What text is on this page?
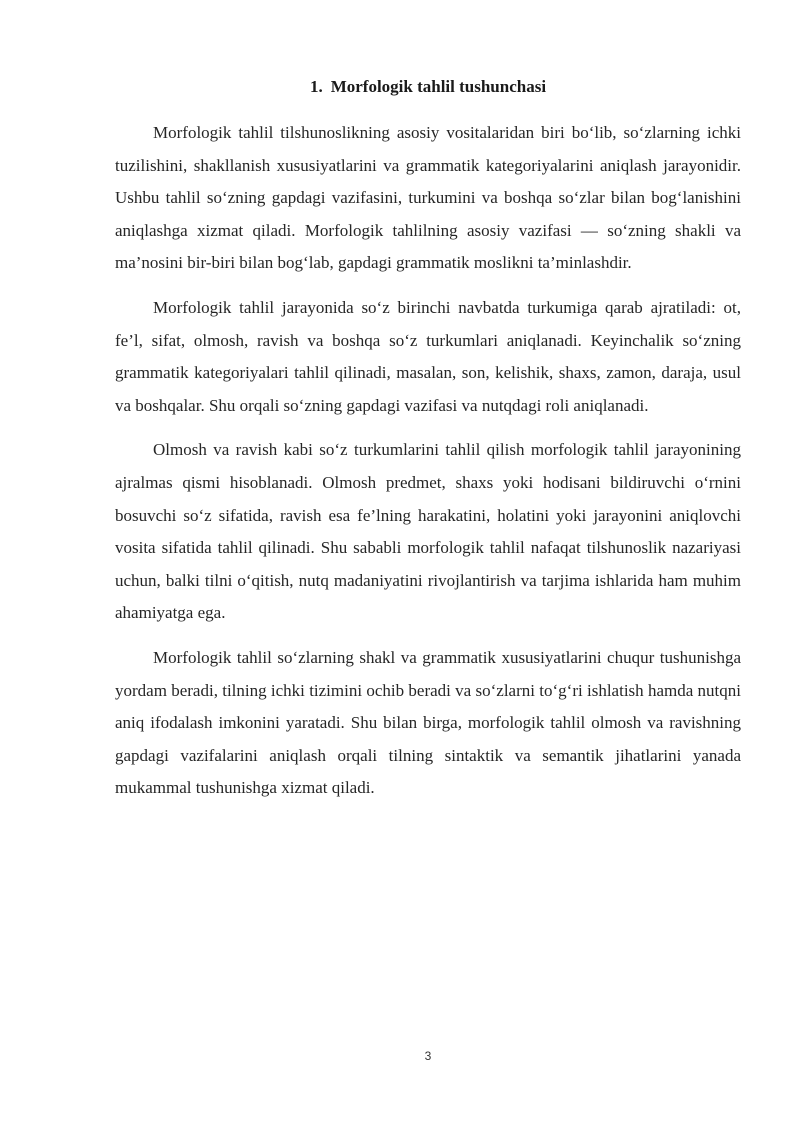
1. Morfologik tahlil tushunchasi

Morfologik tahlil tilshunoslikning asosiy vositalaridan biri bo‘lib, so‘zlarning ichki tuzilishini, shakllanish xususiyatlarini va grammatik kategoriyalarini aniqlash jarayonidir. Ushbu tahlil so‘zning gapdagi vazifasini, turkumini va boshqa so‘zlar bilan bog‘lanishini aniqlashga xizmat qiladi. Morfologik tahlilning asosiy vazifasi — so‘zning shakli va ma’nosini bir-biri bilan bog‘lab, gapdagi grammatik moslikni ta’minlashdir.

Morfologik tahlil jarayonida so‘z birinchi navbatda turkumiga qarab ajratiladi: ot, fe’l, sifat, olmosh, ravish va boshqa so‘z turkumlari aniqlanadi. Keyinchalik so‘zning grammatik kategoriyalari tahlil qilinadi, masalan, son, kelishik, shaxs, zamon, daraja, usul va boshqalar. Shu orqali so‘zning gapdagi vazifasi va nutqdagi roli aniqlanadi.

Olmosh va ravish kabi so‘z turkumlarini tahlil qilish morfologik tahlil jarayonining ajralmas qismi hisoblanadi. Olmosh predmet, shaxs yoki hodisani bildiruvchi o‘rnini bosuvchi so‘z sifatida, ravish esa fe’lning harakatini, holatini yoki jarayonini aniqlovchi vosita sifatida tahlil qilinadi. Shu sababli morfologik tahlil nafaqat tilshunoslik nazariyasi uchun, balki tilni o‘qitish, nutq madaniyatini rivojlantirish va tarjima ishlarida ham muhim ahamiyatga ega.

Morfologik tahlil so‘zlarning shakl va grammatik xususiyatlarini chuqur tushunishga yordam beradi, tilning ichki tizimini ochib beradi va so‘zlarni to‘g‘ri ishlatish hamda nutqni aniq ifodalash imkonini yaratadi. Shu bilan birga, morfologik tahlil olmosh va ravishning gapdagi vazifalarini aniqlash orqali tilning sintaktik va semantik jihatlarini yanada mukammal tushunishga xizmat qiladi.

3
